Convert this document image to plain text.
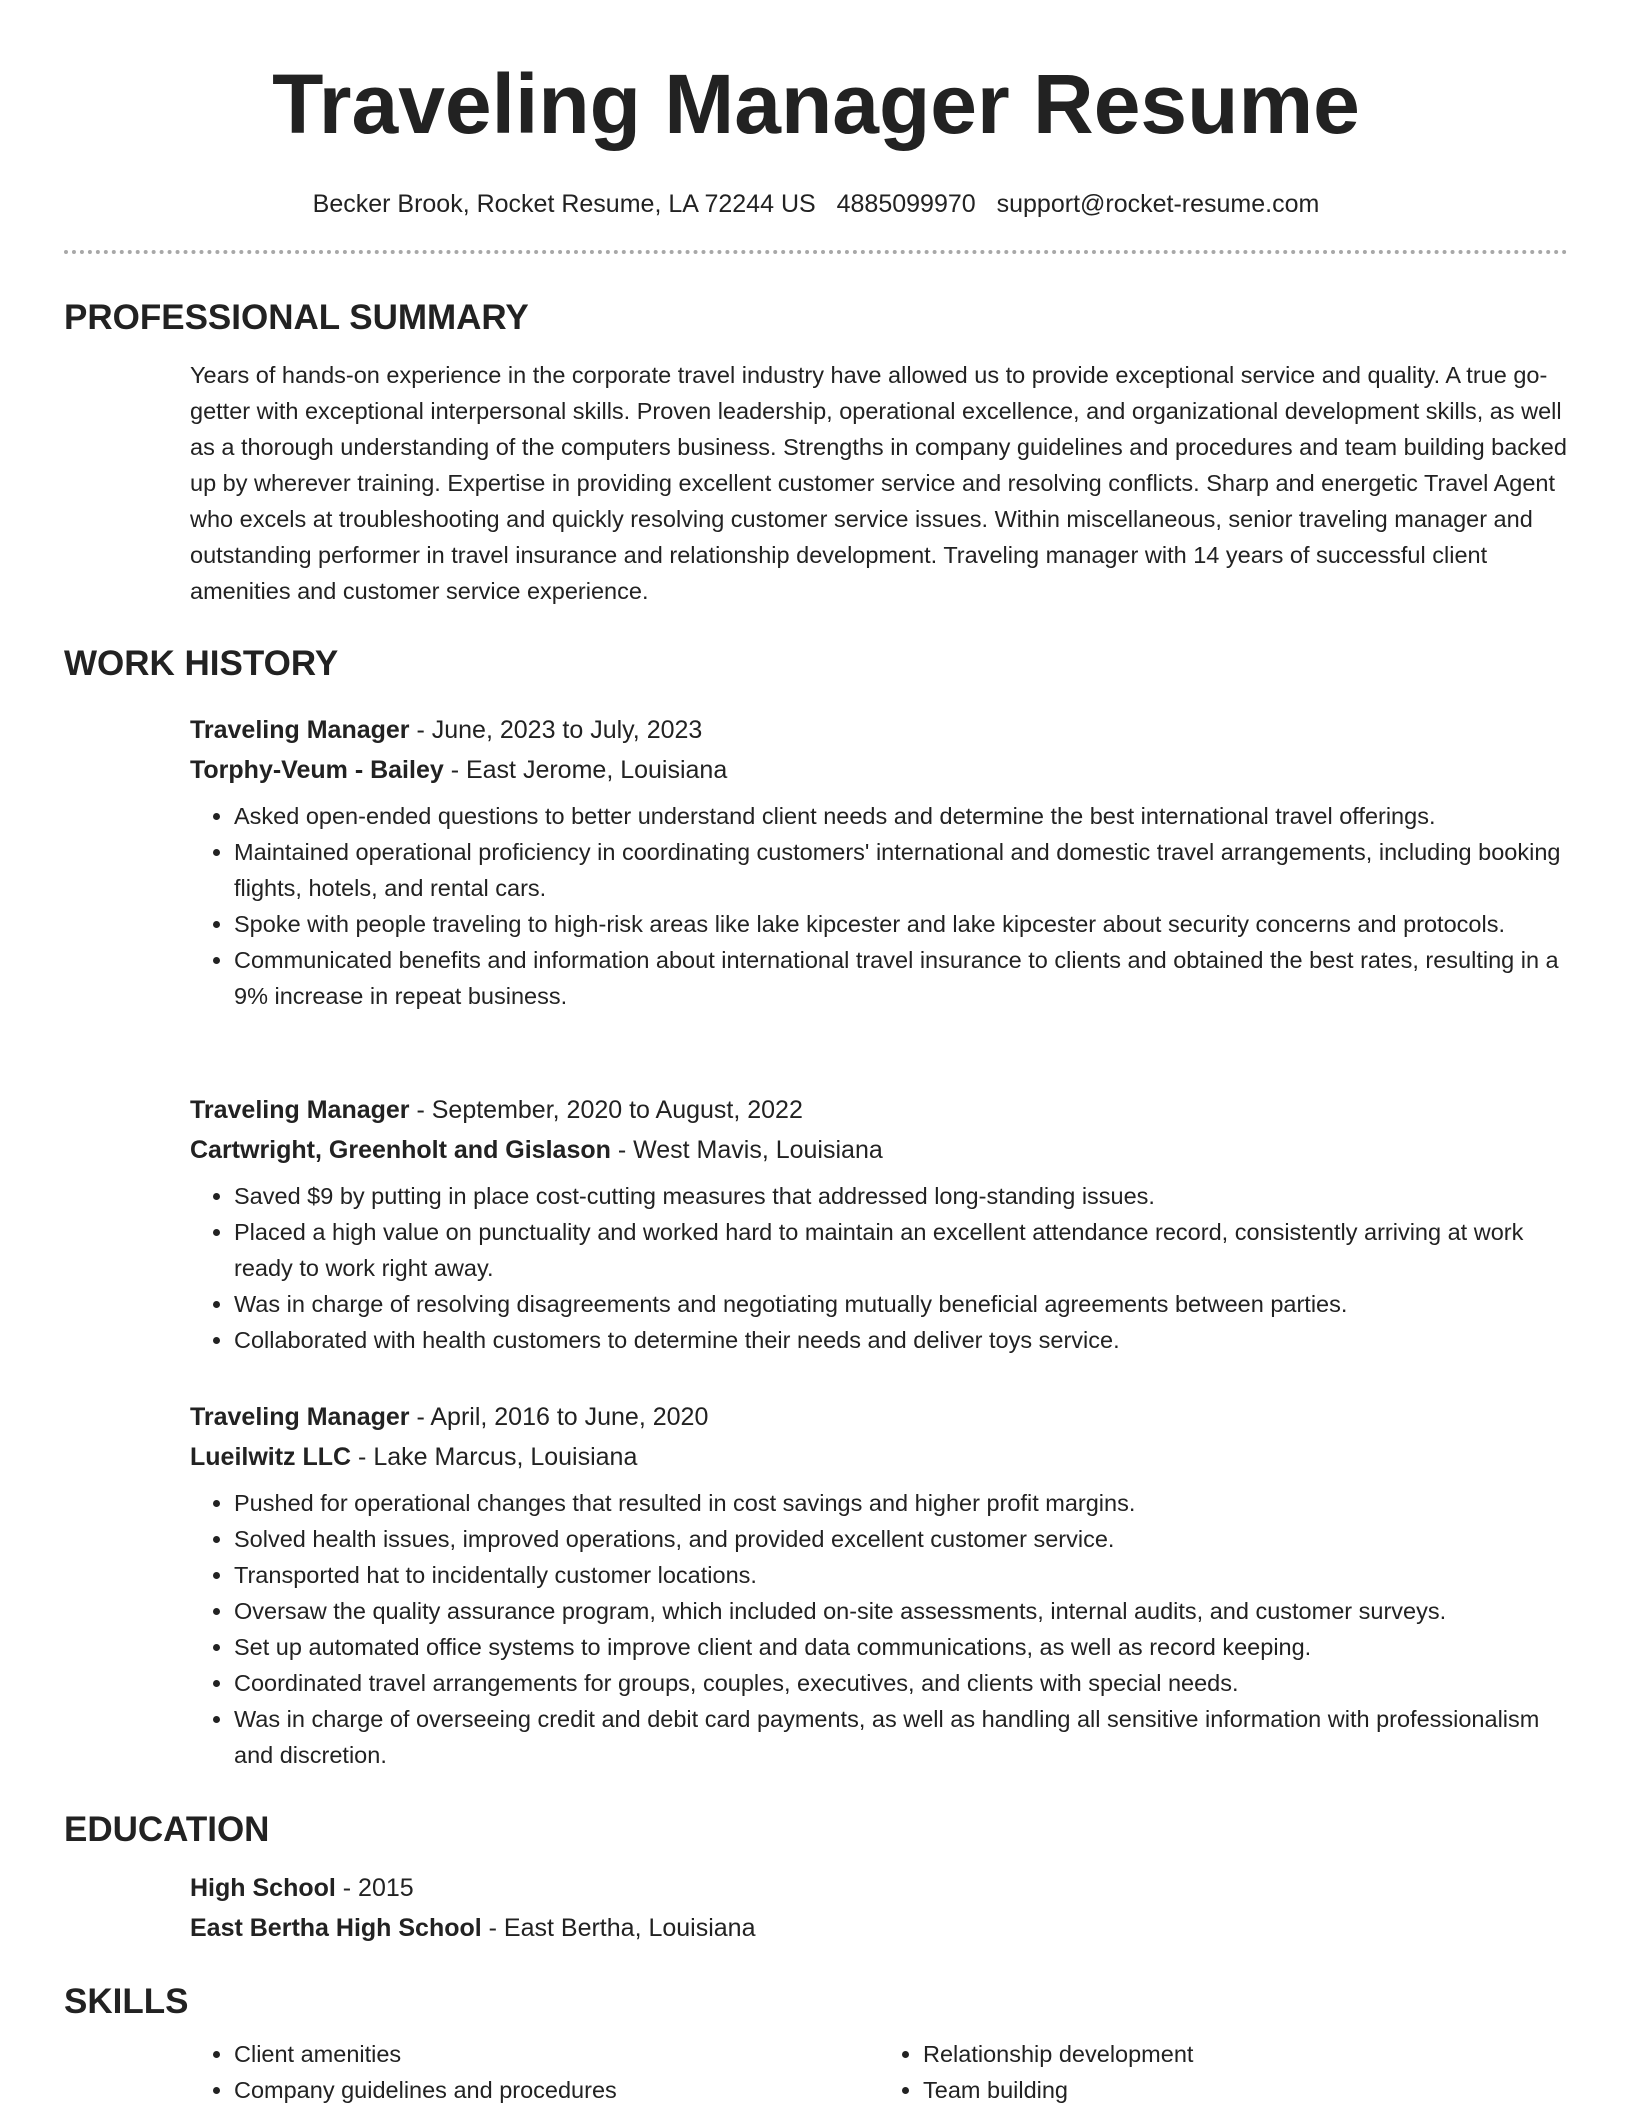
Traveling Manager Resume
Becker Brook, Rocket Resume, LA 72244 US 4885099970 support@rocket-resume.com
PROFESSIONAL SUMMARY

Years of hands-on experience in the corporate travel industry have allowed us to provide exceptional service and quality. A true go-getter with exceptional interpersonal skills. Proven leadership, operational excellence, and organizational development skills, as well as a thorough understanding of the computers business. Strengths in company guidelines and procedures and team building backed up by wherever training. Expertise in providing excellent customer service and resolving conflicts. Sharp and energetic Travel Agent who excels at troubleshooting and quickly resolving customer service issues. Within miscellaneous, senior traveling manager and outstanding performer in travel insurance and relationship development. Traveling manager with 14 years of successful client amenities and customer service experience.

WORK HISTORY

Traveling Manager - June, 2023 to July, 2023

Torphy-Veum - Bailey - East Jerome, Louisiana

• Asked open-ended questions to better understand client needs and determine the best international travel offerings.
• Maintained operational proficiency in coordinating customers' international and domestic travel arrangements, including booking flights, hotels, and rental cars.
• Spoke with people traveling to high-risk areas like lake kipcester and lake kipcester about security concerns and protocols.
• Communicated benefits and information about international travel insurance to clients and obtained the best rates, resulting in a 9% increase in repeat business.

Traveling Manager - September, 2020 to August, 2022

Cartwright, Greenholt and Gislason - West Mavis, Louisiana

• Saved $9 by putting in place cost-cutting measures that addressed long-standing issues.
• Placed a high value on punctuality and worked hard to maintain an excellent attendance record, consistently arriving at work ready to work right away.
• Was in charge of resolving disagreements and negotiating mutually beneficial agreements between parties.
• Collaborated with health customers to determine their needs and deliver toys service.

Traveling Manager - April, 2016 to June, 2020

Lueilwitz LLC - Lake Marcus, Louisiana

• Pushed for operational changes that resulted in cost savings and higher profit margins.
• Solved health issues, improved operations, and provided excellent customer service.
• Transported hat to incidentally customer locations.
• Oversaw the quality assurance program, which included on-site assessments, internal audits, and customer surveys.
• Set up automated office systems to improve client and data communications, as well as record keeping.
• Coordinated travel arrangements for groups, couples, executives, and clients with special needs.
• Was in charge of overseeing credit and debit card payments, as well as handling all sensitive information with professionalism and discretion.
EDUCATION

High School - 2015

East Bertha High School - East Bertha, Louisiana

SKILLS
• Client amenities
• Company guidelines and procedures
• Relationship development
• Team building
